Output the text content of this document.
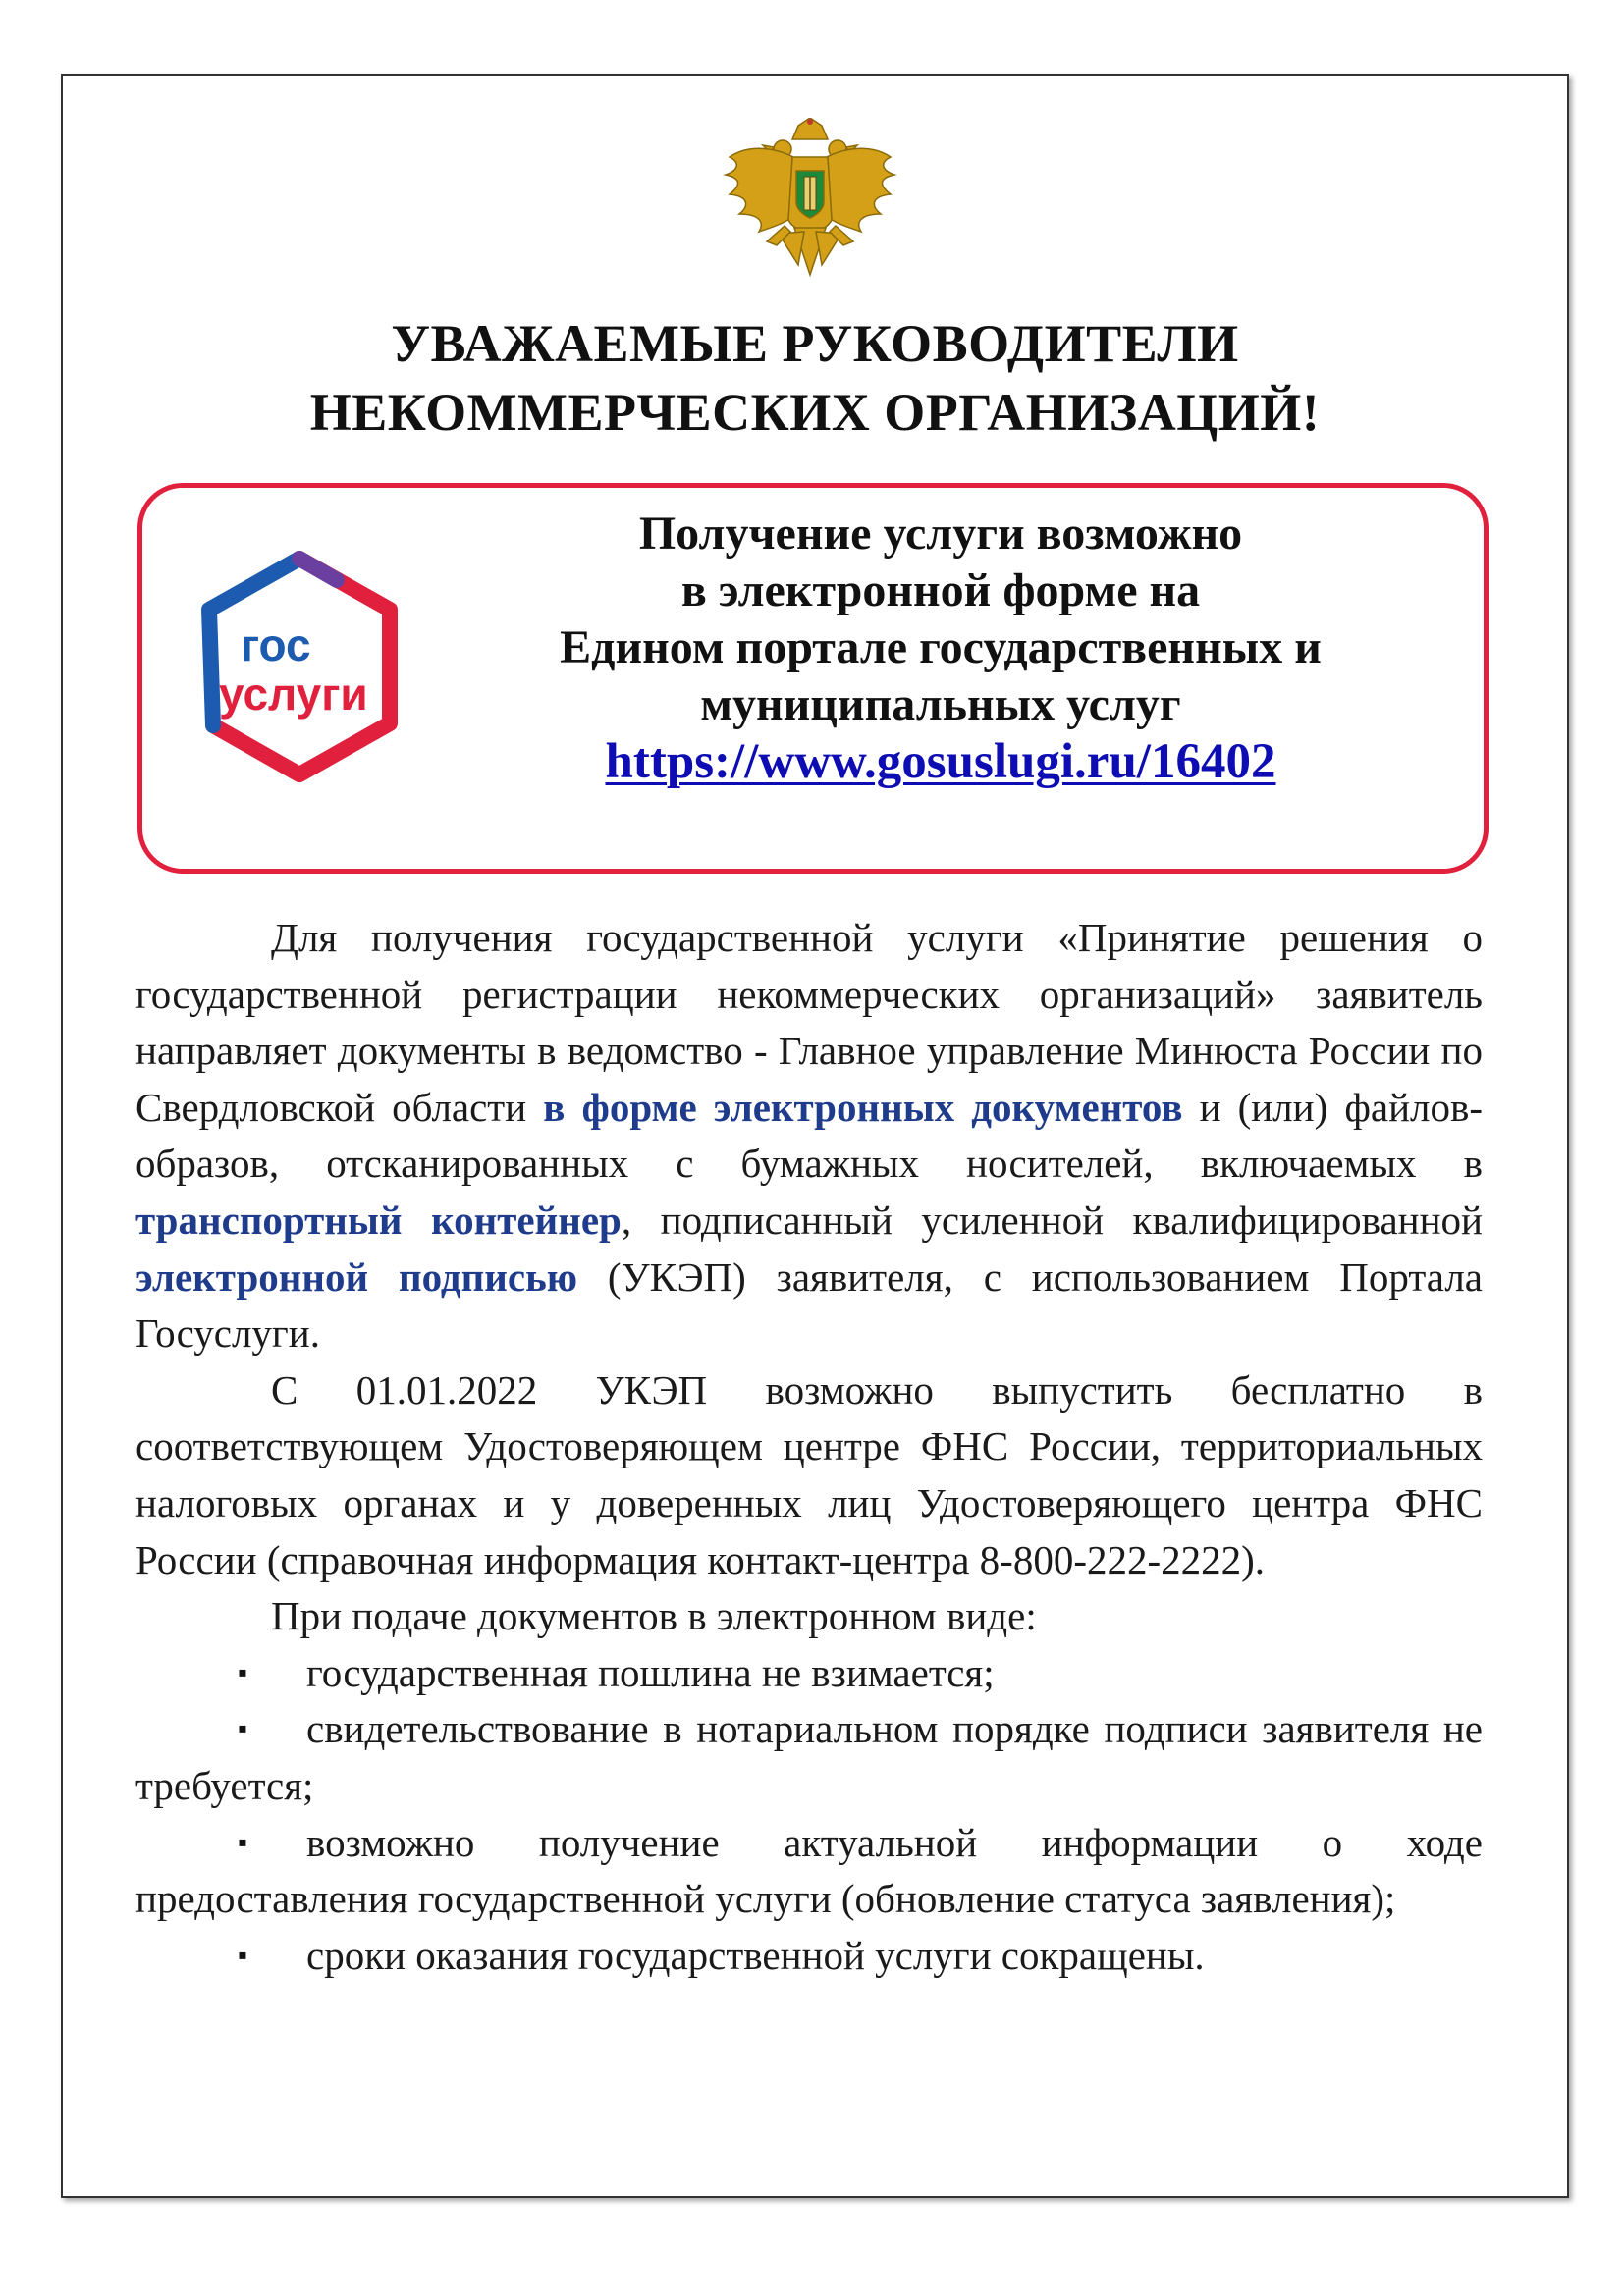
УВАЖАЕМЫЕ РУКОВОДИТЕЛИ
НЕКОММЕРЧЕСКИХ ОРГАНИЗАЦИЙ!
гос
услуги
Получение услуги возможно
в электронной форме на
Едином портале государственных и
муниципальных услуг
https://www.gosuslugi.ru/16402

Для получения государственной услуги «Принятие решения о государственной регистрации некоммерческих организаций» заявитель направляет документы в ведомство - Главное управление Минюста России по Свердловской области в форме электронных документов и (или) файлов-образов, отсканированных с бумажных носителей, включаемых в транспортный контейнер, подписанный усиленной квалифицированной электронной подписью (УКЭП) заявителя, с использованием Портала Госуслуги.

С 01.01.2022 УКЭП возможно выпустить бесплатно в соответствующем Удостоверяющем центре ФНС России, территориальных налоговых органах и у доверенных лиц Удостоверяющего центра ФНС России (справочная информация контакт-центра 8-800-222-2222).

При подаче документов в электронном виде:

▪ государственная пошлина не взимается;

▪ свидетельствование в нотариальном порядке подписи заявителя не требуется;

▪ возможно получение актуальной информации о ходе предоставления государственной услуги (обновление статуса заявления);

▪ сроки оказания государственной услуги сокращены.
